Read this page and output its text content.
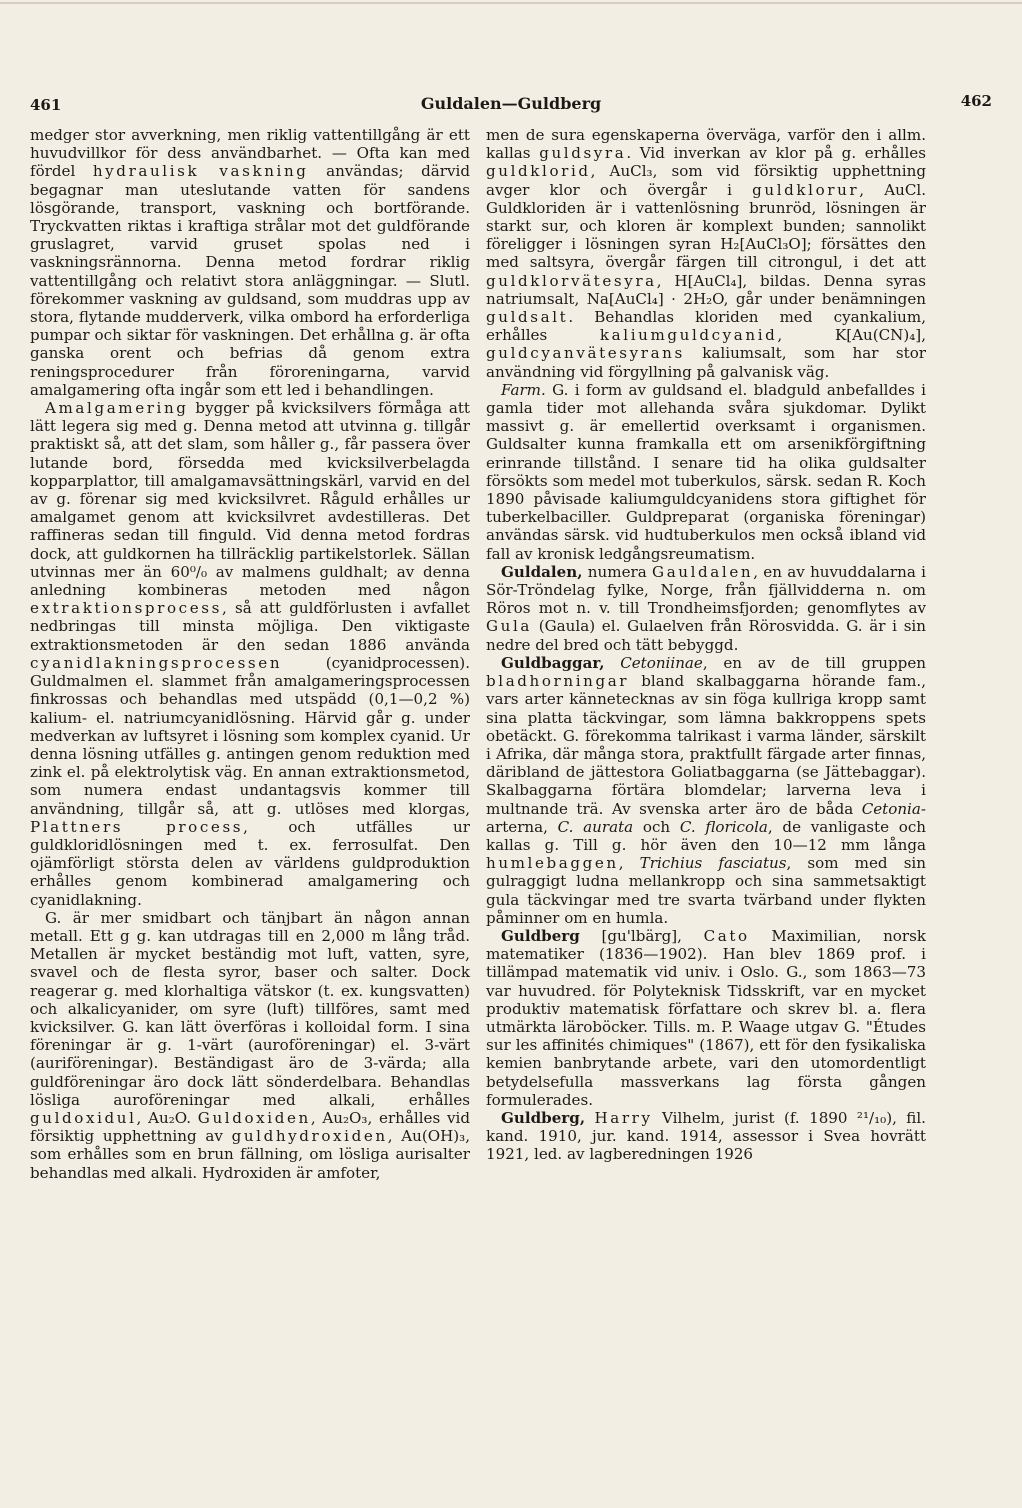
461	Guldalen—Guldberg	462

medger stor avverkning, men riklig vattentillgång är ett huvudvillkor för dess användbarhet. — Ofta kan med fördel hydraulisk vaskning användas; därvid begagnar man uteslutande vatten för sandens lösgörande, transport, vaskning och bortförande. Tryckvatten riktas i kraftiga strålar mot det guldförande gruslagret, varvid gruset spolas ned i vaskningsrännorna. Denna metod fordrar riklig vattentillgång och relativt stora anläggningar. — Slutl. förekommer vaskning av guldsand, som muddras upp av stora, flytande mudderverk, vilka ombord ha erforderliga pumpar och siktar för vaskningen. Det erhållna g. är ofta ganska orent och befrias då genom extra reningsprocedurer från föroreningarna, varvid amalgamering ofta ingår som ett led i behandlingen.

Amalgamering bygger på kvicksilvers förmåga att lätt legera sig med g. Denna metod att utvinna g. tillgår praktiskt så, att det slam, som håller g., får passera över lutande bord, försedda med kvicksilverbelagda kopparplattor, till amalgamavsättningskärl, varvid en del av g. förenar sig med kvicksilvret. Råguld erhålles ur amalgamet genom att kvicksilvret avdestilleras. Det raffineras sedan till finguld. Vid denna metod fordras dock, att guldkornen ha tillräcklig partikelstorlek. Sällan utvinnas mer än 60⁰/₀ av malmens guldhalt; av denna anledning kombineras metoden med någon extraktionsprocess, så att guldförlusten i avfallet nedbringas till minsta möjliga. Den viktigaste extraktionsmetoden är den sedan 1886 använda cyanidlakningsprocessen (cyanidprocessen). Guldmalmen el. slammet från amalgameringsprocessen finkrossas och behandlas med utspädd (0,1—0,2 %) kalium- el. natriumcyanidlösning. Härvid går g. under medverkan av luftsyret i lösning som komplex cyanid. Ur denna lösning utfälles g. antingen genom reduktion med zink el. på elektrolytisk väg. En annan extraktionsmetod, som numera endast undantagsvis kommer till användning, tillgår så, att g. utlöses med klorgas, Plattners process, och utfälles ur guldkloridlösningen med t. ex. ferrosulfat. Den ojämförligt största delen av världens guldproduktion erhålles genom kombinerad amalgamering och cyanidlakning.

G. är mer smidbart och tänjbart än någon annan metall. Ett g g. kan utdragas till en 2,000 m lång tråd. Metallen är mycket beständig mot luft, vatten, syre, svavel och de flesta syror, baser och salter. Dock reagerar g. med klorhaltiga vätskor (t. ex. kungsvatten) och alkalicyanider, om syre (luft) tillföres, samt med kvicksilver. G. kan lätt överföras i kolloidal form. I sina föreningar är g. 1-värt (auroföreningar) el. 3-värt (auriföreningar). Beständigast äro de 3-värda; alla guldföreningar äro dock lätt sönderdelbara. Behandlas lösliga auroföreningar med alkali, erhålles guldoxidul, Au₂O. Guldoxiden, Au₂O₃, erhålles vid försiktig upphettning av guldhydroxiden, Au(OH)₃, som erhålles som en brun fällning, om lösliga aurisalter behandlas med alkali. Hydroxiden är amfoter,

men de sura egenskaperna överväga, varför den i allm. kallas guldsyra. Vid inverkan av klor på g. erhålles guldklorid, AuCl₃, som vid försiktig upphettning avger klor och övergår i guldklorur, AuCl. Guldkloriden är i vattenlösning brunröd, lösningen är starkt sur, och kloren är komplext bunden; sannolikt föreligger i lösningen syran H₂[AuCl₃O]; försättes den med saltsyra, övergår färgen till citrongul, i det att guldklorvätesyra, H[AuCl₄], bildas. Denna syras natriumsalt, Na[AuCl₄] · 2H₂O, går under benämningen guldsalt. Behandlas kloriden med cyankalium, erhålles kaliumguldcyanid, K[Au(CN)₄], guldcyanvätesyrans kaliumsalt, som har stor användning vid förgyllning på galvanisk väg.

Farm. G. i form av guldsand el. bladguld anbefalldes i gamla tider mot allehanda svåra sjukdomar. Dylikt massivt g. är emellertid overksamt i organismen. Guldsalter kunna framkalla ett om arsenikförgiftning erinrande tillstånd. I senare tid ha olika guldsalter försökts som medel mot tuberkulos, särsk. sedan R. Koch 1890 påvisade kaliumguldcyanidens stora giftighet för tuberkelbaciller. Guldpreparat (organiska föreningar) användas särsk. vid hudtuberkulos men också ibland vid fall av kronisk ledgångsreumatism.

Guldalen, numera Gauldalen, en av huvuddalarna i Sör-Tröndelag fylke, Norge, från fjällvidderna n. om Röros mot n. v. till Trondheimsfjorden; genomflytes av Gula (Gaula) el. Gulaelven från Rörosvidda. G. är i sin nedre del bred och tätt bebyggd.

Guldbaggar, Cetoniinae, en av de till gruppen bladhorningar bland skalbaggarna hörande fam., vars arter kännetecknas av sin föga kullriga kropp samt sina platta täckvingar, som lämna bakkroppens spets obetäckt. G. förekomma talrikast i varma länder, särskilt i Afrika, där många stora, praktfullt färgade arter finnas, däribland de jättestora Goliatbaggarna (se Jättebaggar). Skalbaggarna förtära blomdelar; larverna leva i multnande trä. Av svenska arter äro de båda Cetonia-arterna, C. aurata och C. floricola, de vanligaste och kallas g. Till g. hör även den 10—12 mm långa humlebaggen, Trichius fasciatus, som med sin gulraggigt ludna mellankropp och sina sammetsaktigt gula täckvingar med tre svarta tvärband under flykten påminner om en humla.

Guldberg [gu'lbärg], Cato Maximilian, norsk matematiker (1836—1902). Han blev 1869 prof. i tillämpad matematik vid univ. i Oslo. G., som 1863—73 var huvudred. för Polyteknisk Tidsskrift, var en mycket produktiv matematisk författare och skrev bl. a. flera utmärkta läroböcker. Tills. m. P. Waage utgav G. "Études sur les affinités chimiques" (1867), ett för den fysikaliska kemien banbrytande arbete, vari den utomordentligt betydelsefulla massverkans lag första gången formulerades.

Guldberg, Harry Vilhelm, jurist (f. 1890 ²¹/₁₀), fil. kand. 1910, jur. kand. 1914, assessor i Svea hovrätt 1921, led. av lagberedningen 1926
